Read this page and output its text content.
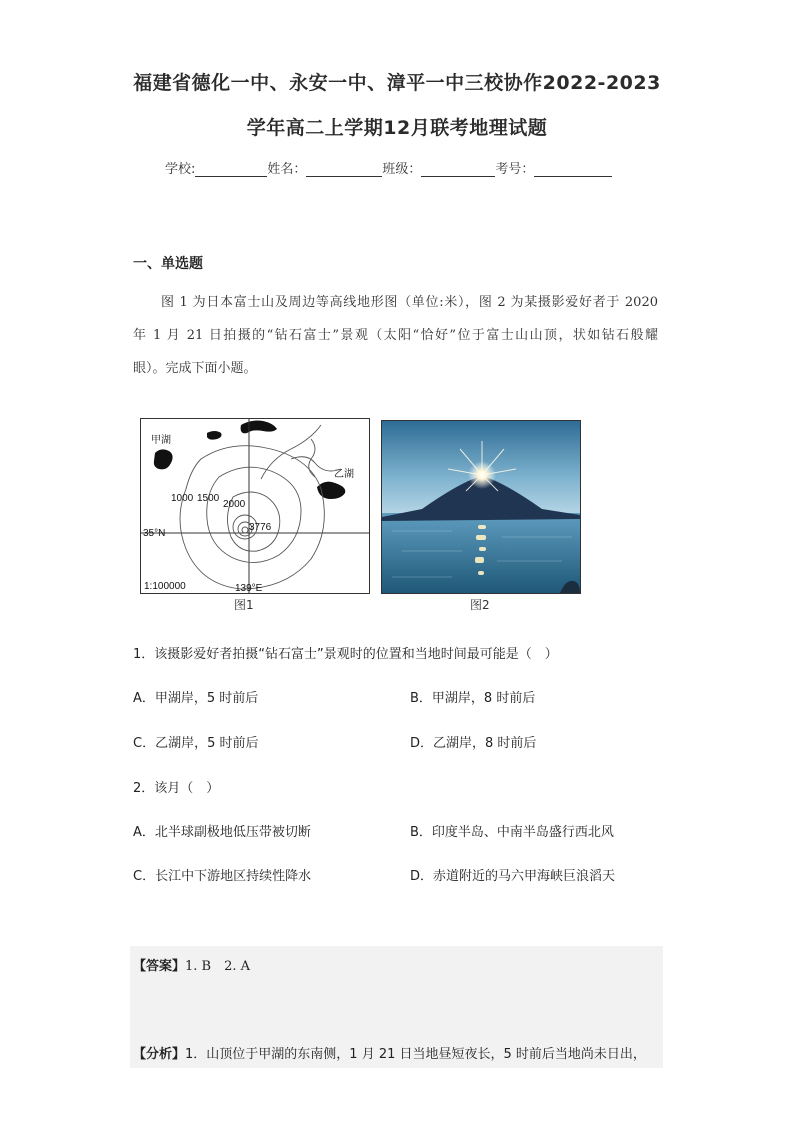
福建省德化一中、永安一中、漳平一中三校协作2022-2023
学年高二上学期12月联考地理试题
学校:	姓名：	班级：	考号：
一、单选题
图 1 为日本富士山及周边等高线地形图（单位:米），图 2 为某摄影爱好者于 2020
年 1 月 21 日拍摄的“钻石富士”景观（太阳“恰好”位于富士山山顶，状如钻石般耀
眼）。完成下面小题。
甲湖
乙湖
1000 1500
2000
3776
35°N
139°E
1:100000
图1	图2
1．该摄影爱好者拍摄“钻石富士”景观时的位置和当地时间最可能是（　）
A．甲湖岸，5 时前后	B．甲湖岸，8 时前后
C．乙湖岸，5 时前后	D．乙湖岸，8 时前后
2．该月（　）
A．北半球副极地低压带被切断	B．印度半岛、中南半岛盛行西北风
C．长江中下游地区持续性降水	D．赤道附近的马六甲海峡巨浪滔天
【答案】1. B　2. A
【分析】1．山顶位于甲湖的东南侧，1 月 21 日当地昼短夜长，5 时前后当地尚未日出，
